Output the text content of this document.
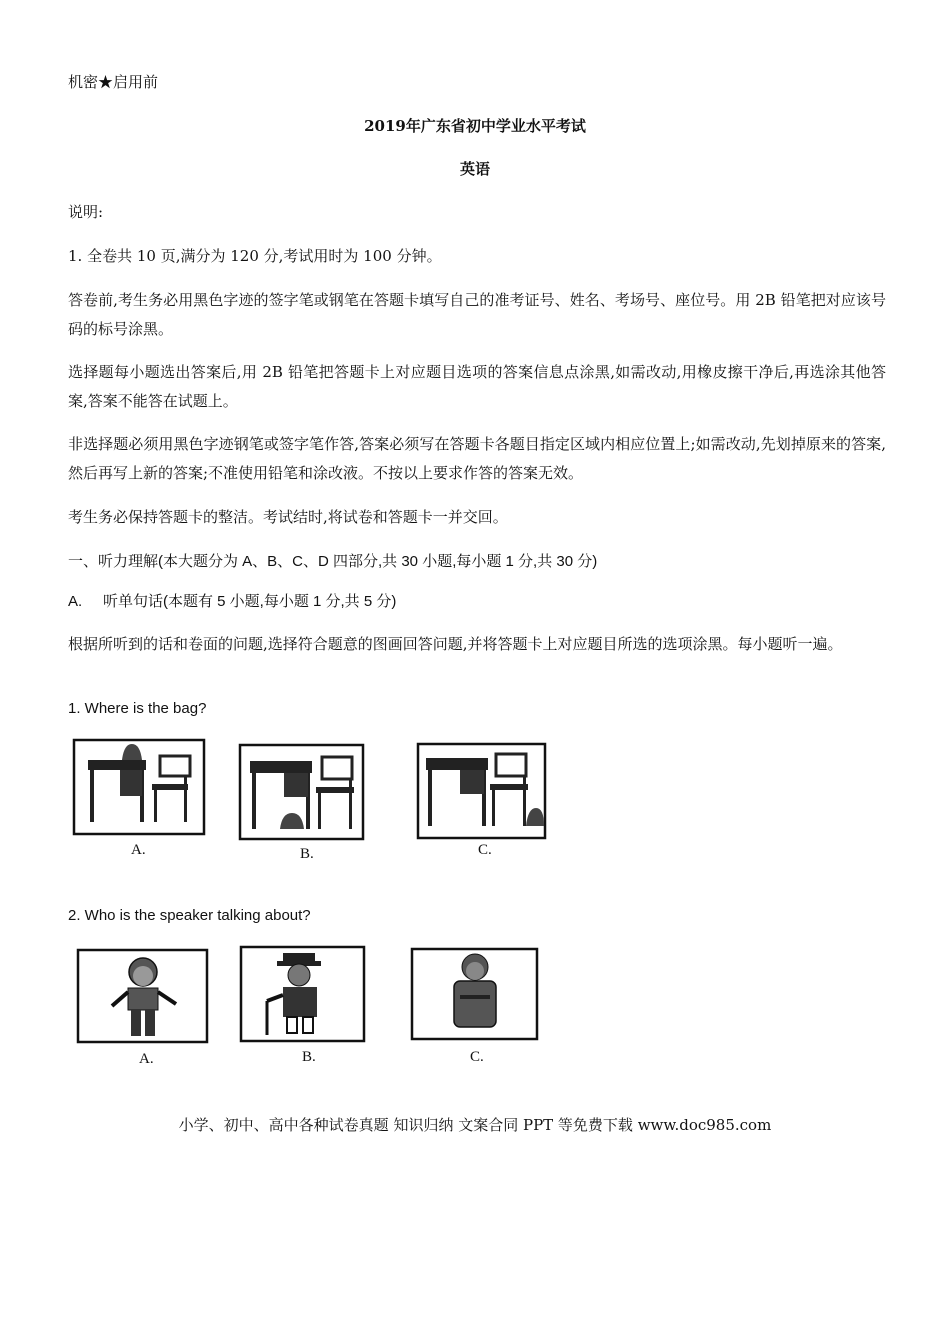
机密★启用前
2019年广东省初中学业水平考试
英语
说明:
1. 全卷共 10 页,满分为 120 分,考试用时为 100 分钟。
答卷前,考生务必用黑色字迹的签字笔或钢笔在答题卡填写自己的准考证号、姓名、考场号、座位号。用 2B 铅笔把对应该号码的标号涂黑。
选择题每小题选出答案后,用 2B 铅笔把答题卡上对应题目选项的答案信息点涂黑,如需改动,用橡皮擦干净后,再选涂其他答案,答案不能答在试题上。
非选择题必须用黑色字迹钢笔或签字笔作答,答案必须写在答题卡各题目指定区域内相应位置上;如需改动,先划掉原来的答案,然后再写上新的答案;不准使用铅笔和涂改液。不按以上要求作答的答案无效。
考生务必保持答题卡的整洁。考试结时,将试卷和答题卡一并交回。
一、听力理解(本大题分为 A、B、C、D 四部分,共 30 小题,每小题 1 分,共 30 分)
A. 听单句话(本题有 5 小题,每小题 1 分,共 5 分)
根据所听到的话和卷面的问题,选择符合题意的图画回答问题,并将答题卡上对应题目所选的选项涂黑。每小题听一遍。
1. Where is the bag?
A.	B.	C.
2. Who is the speaker talking about?
A.	B.	C.
小学、初中、高中各种试卷真题 知识归纳 文案合同 PPT 等免费下载 www.doc985.com
